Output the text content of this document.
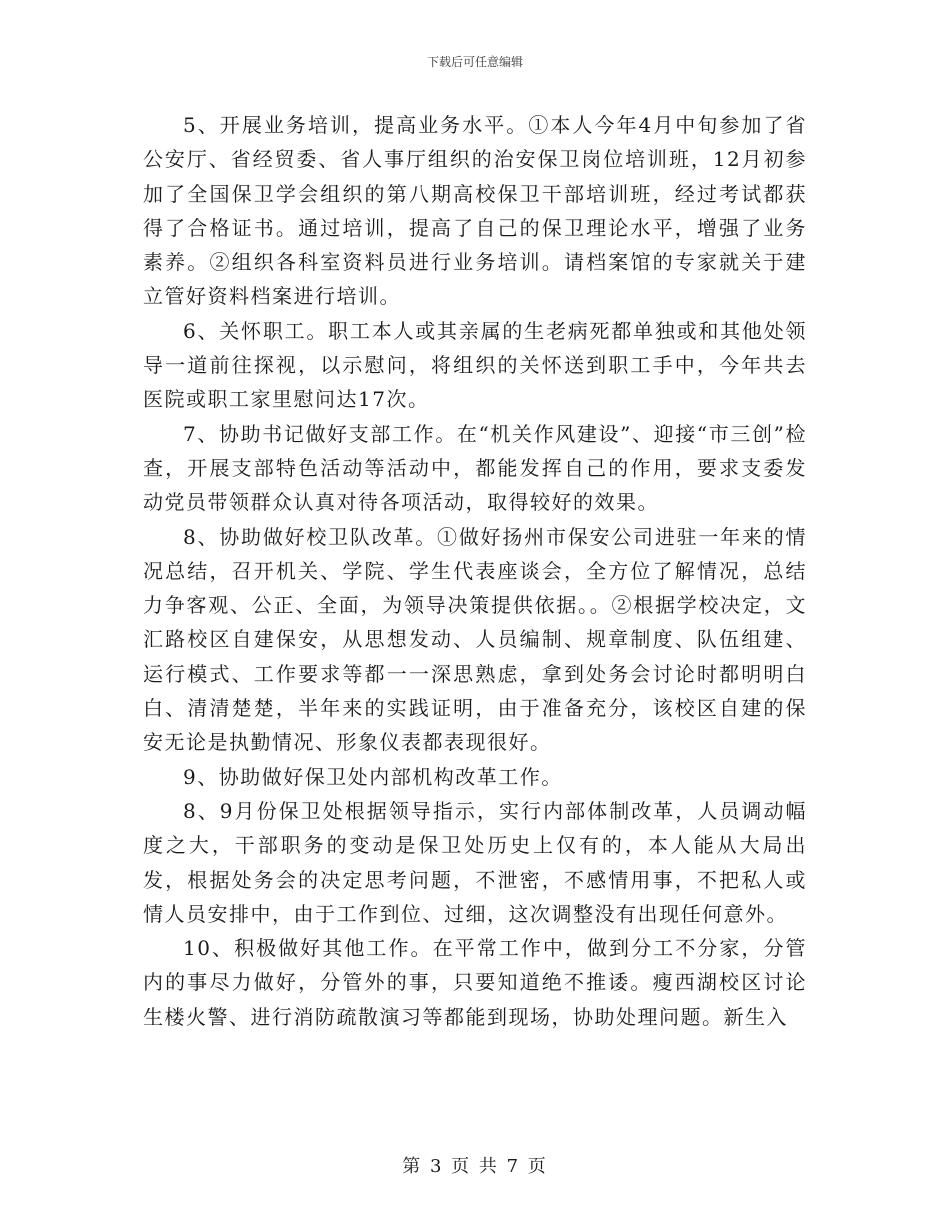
下载后可任意编辑

5、开展业务培训，提高业务水平。①本人今年4月中旬参加了省公安厅、省经贸委、省人事厅组织的治安保卫岗位培训班，12月初参加了全国保卫学会组织的第八期高校保卫干部培训班，经过考试都获得了合格证书。通过培训，提高了自己的保卫理论水平，增强了业务素养。②组织各科室资料员进行业务培训。请档案馆的专家就关于建立管好资料档案进行培训。

6、关怀职工。职工本人或其亲属的生老病死都单独或和其他处领导一道前往探视，以示慰问，将组织的关怀送到职工手中，今年共去医院或职工家里慰问达17次。

7、协助书记做好支部工作。在“机关作风建设”、迎接“市三创”检查，开展支部特色活动等活动中，都能发挥自己的作用，要求支委发动党员带领群众认真对待各项活动，取得较好的效果。

8、协助做好校卫队改革。①做好扬州市保安公司进驻一年来的情况总结，召开机关、学院、学生代表座谈会，全方位了解情况，总结力争客观、公正、全面，为领导决策提供依据。。②根据学校决定，文汇路校区自建保安，从思想发动、人员编制、规章制度、队伍组建、运行模式、工作要求等都一一深思熟虑，拿到处务会讨论时都明明白白、清清楚楚，半年来的实践证明，由于准备充分，该校区自建的保安无论是执勤情况、形象仪表都表现很好。

9、协助做好保卫处内部机构改革工作。

8、9月份保卫处根据领导指示，实行内部体制改革，人员调动幅度之大，干部职务的变动是保卫处历史上仅有的，本人能从大局出发，根据处务会的决定思考问题，不泄密，不感情用事，不把私人或情人员安排中，由于工作到位、过细，这次调整没有出现任何意外。

10、积极做好其他工作。在平常工作中，做到分工不分家，分管内的事尽力做好，分管外的事，只要知道绝不推诿。瘦西湖校区讨论生楼火警、进行消防疏散演习等都能到现场，协助处理问题。新生入

第 3 页 共 7 页
